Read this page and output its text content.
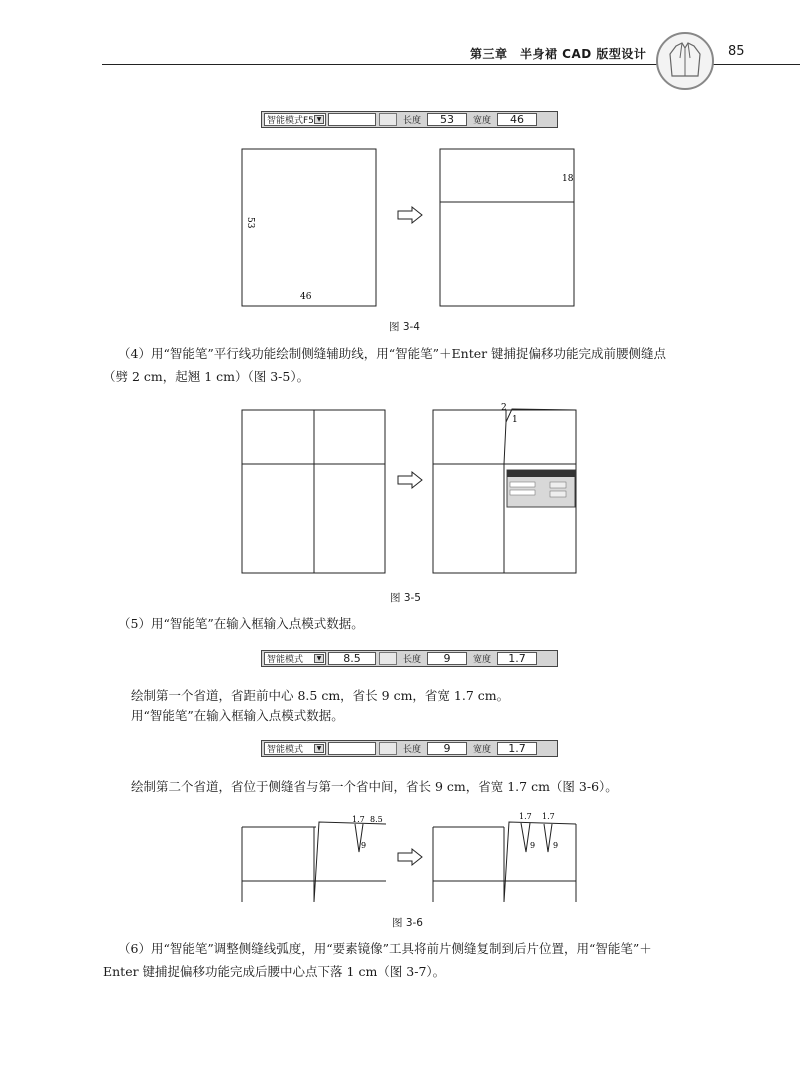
第三章　半身裙 CAD 版型设计	85
智能模式F5 ▼	长度	53	宽度	46
53
46
18
图 3-4
（4）用“智能笔”平行线功能绘制侧缝辅助线，用“智能笔”＋Enter 键捕捉偏移功能完成前腰侧缝点
（劈 2 cm，起翘 1 cm）（图 3-5）。
2
1
图 3-5
（5）用“智能笔”在输入框输入点模式数据。
智能模式	▼	8.5	长度	9	宽度	1.7
绘制第一个省道，省距前中心 8.5 cm，省长 9 cm，省宽 1.7 cm。
用“智能笔”在输入框输入点模式数据。
智能模式	▼	长度	9	宽度	1.7
绘制第二个省道，省位于侧缝省与第一个省中间，省长 9 cm，省宽 1.7 cm（图 3-6）。
1.7 8.5
9
1.7 1.7
9 9
图 3-6
（6）用“智能笔”调整侧缝线弧度，用“要素镜像”工具将前片侧缝复制到后片位置，用“智能笔”＋
Enter 键捕捉偏移功能完成后腰中心点下落 1 cm（图 3-7）。
